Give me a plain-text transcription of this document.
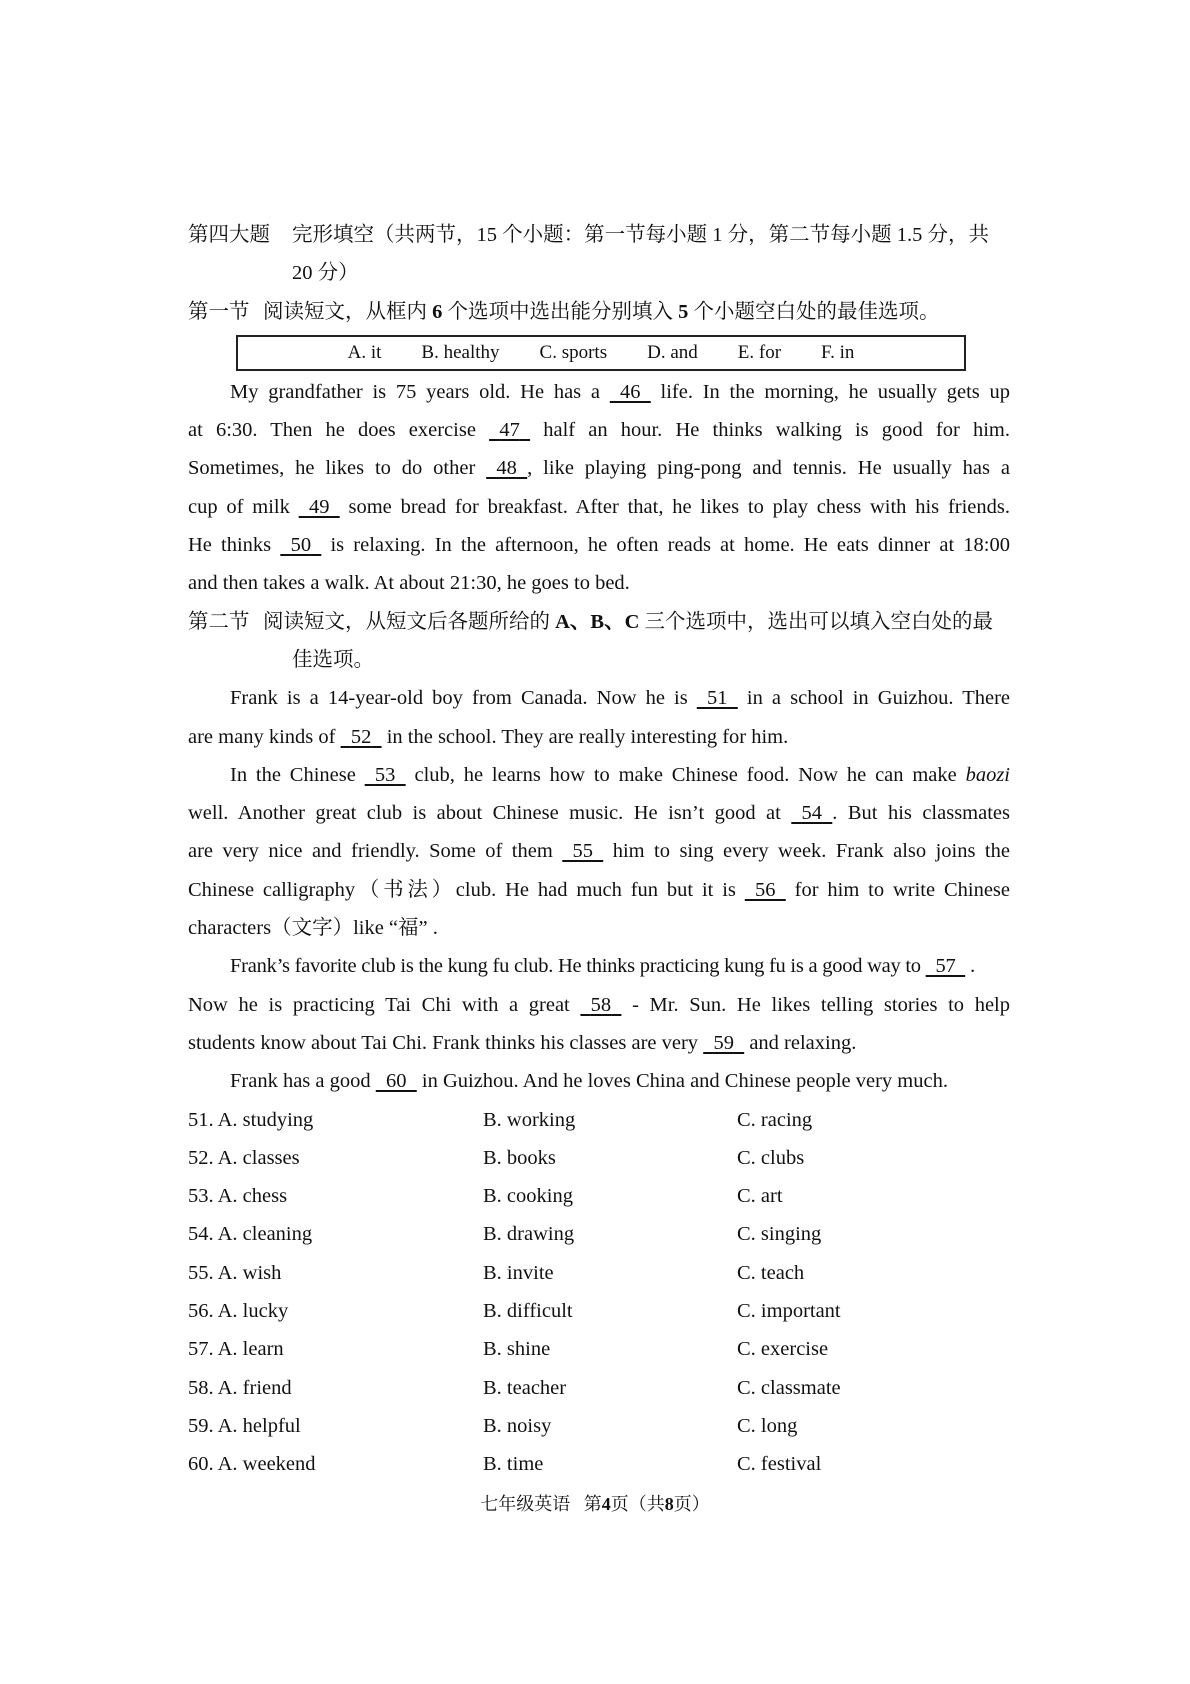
第四大题 完形填空（共两节，15 个小题：第一节每小题 1 分，第二节每小题 1.5 分，共
20 分）
第一节 阅读短文，从框内 6 个选项中选出能分别填入 5 个小题空白处的最佳选项。
A. it	B. healthy	C. sports	D. and	E. for	F. in
My grandfather is 75 years old. He has a   46   life. In the morning, he usually gets up
at 6:30. Then he does exercise   47   half an hour. He thinks walking is good for him.
Sometimes, he likes to do other   48 , like playing ping-pong and tennis. He usually has a
cup of milk   49   some bread for breakfast. After that, he likes to play chess with his friends.
He thinks   50   is relaxing. In the afternoon, he often reads at home. He eats dinner at 18:00
and then takes a walk. At about 21:30, he goes to bed.
第二节 阅读短文，从短文后各题所给的 A、B、C 三个选项中，选出可以填入空白处的最
佳选项。
Frank is a 14-year-old boy from Canada. Now he is   51   in a school in Guizhou. There
are many kinds of   52   in the school. They are really interesting for him.
In the Chinese   53   club, he learns how to make Chinese food. Now he can make baozi
well. Another great club is about Chinese music. He isn’t good at   54 . But his classmates
are very nice and friendly. Some of them   55   him to sing every week. Frank also joins the
Chinese calligraphy（书法）club. He had much fun but it is   56   for him to write Chinese
characters（文字）like “福” .
Frank’s favorite club is the kung fu club. He thinks practicing kung fu is a good way to   57   .
Now he is practicing Tai Chi with a great   58   - Mr. Sun. He likes telling stories to help
students know about Tai Chi. Frank thinks his classes are very   59   and relaxing.
Frank has a good   60   in Guizhou. And he loves China and Chinese people very much.
51. A. studying	B. working	C. racing
52. A. classes	B. books	C. clubs
53. A. chess	B. cooking	C. art
54. A. cleaning	B. drawing	C. singing
55. A. wish	B. invite	C. teach
56. A. lucky	B. difficult	C. important
57. A. learn	B. shine	C. exercise
58. A. friend	B. teacher	C. classmate
59. A. helpful	B. noisy	C. long
60. A. weekend	B. time	C. festival
七年级英语 第4页（共8页）
